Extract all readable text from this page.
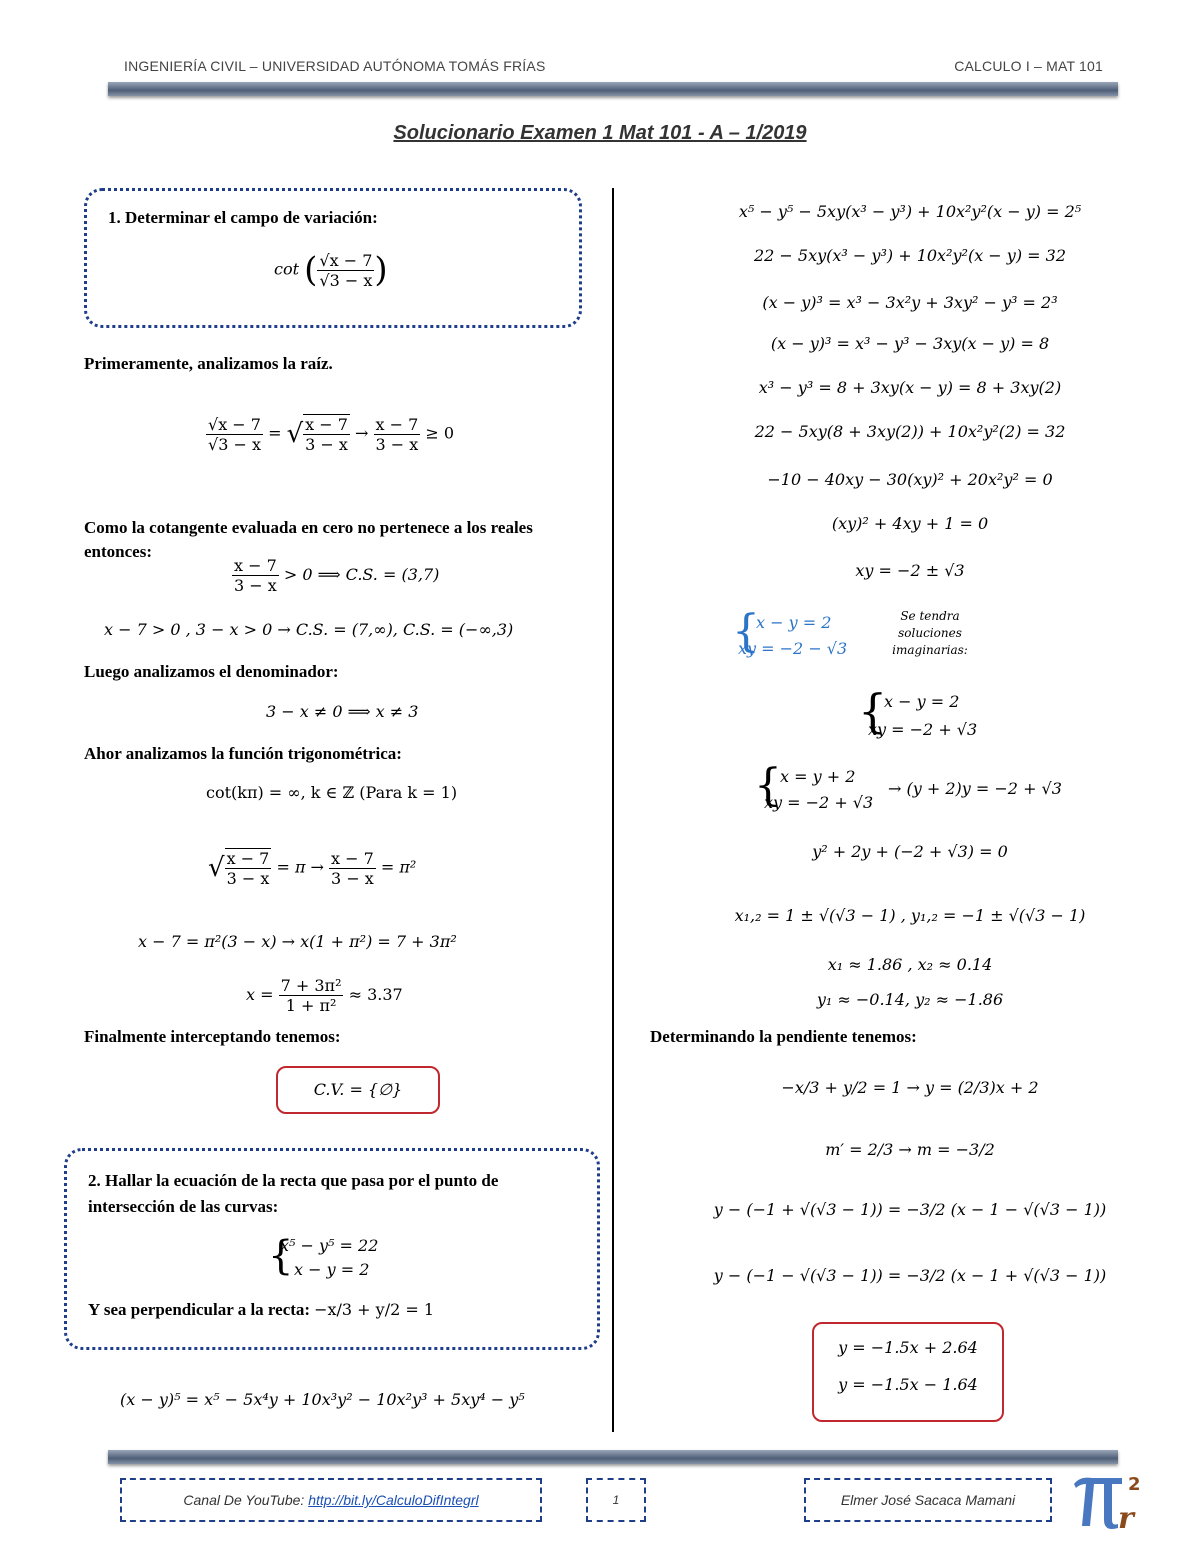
INGENIERÍA CIVIL – UNIVERSIDAD AUTÓNOMA TOMÁS FRÍAS	CALCULO I – MAT 101
Solucionario Examen 1 Mat 101 - A – 1/2019
1. Determinar el campo de variación:
cot ( $\frac{√x - 7}{√3 - x}$ )
Primeramente, analizamos la raíz.
$\frac{√x - 7}{√3 - x}$ = √ $\frac{x - 7}{3 - x} \to \frac{x - 7}{3 - x} \ge 0$
Como la cotangente evaluada en cero no pertenece a los reales entonces:
$\frac{x - 7}{3 - x} > 0$ ⟹ C.S. = (3,7)
x − 7 > 0 , 3 − x > 0 → C.S. = (7,∞), C.S. = (−∞,3)
Luego analizamos el denominador:
3 − x ≠ 0 ⟹ x ≠ 3
Ahor analizamos la función trigonométrica:
cot(kπ) = ∞, k ∈ ℤ (Para k = 1)
√ $\frac{x - 7}{3 - x} = \pi \to \frac{x - 7}{3 - x} = \pi^2$
x − 7 = π²(3 − x) → x(1 + π²) = 7 + 3π²
$x = \frac{\text{7 + 3π²}}{\text{1 + π²}} \approx 3.37$
Finalmente interceptando tenemos:
C.V. = {∅}
2. Hallar la ecuación de la recta que pasa por el punto de intersección de las curvas:
{
x⁵ − y⁵ = 22
x − y = 2
Y sea perpendicular a la recta: −x/3 + y/2 = 1
(x − y)⁵ = x⁵ − 5x⁴y + 10x³y² − 10x²y³ + 5xy⁴ − y⁵
x⁵ − y⁵ − 5xy(x³ − y³) + 10x²y²(x − y) = 2⁵
22 − 5xy(x³ − y³) + 10x²y²(x − y) = 32
(x − y)³ = x³ − 3x²y + 3xy² − y³ = 2³
(x − y)³ = x³ − y³ − 3xy(x − y) = 8
x³ − y³ = 8 + 3xy(x − y) = 8 + 3xy(2)
22 − 5xy(8 + 3xy(2)) + 10x²y²(2) = 32
−10 − 40xy − 30(xy)² + 20x²y² = 0
(xy)² + 4xy + 1 = 0
xy = −2 ± √3
{
x − y = 2
xy = −2 − √3
Se tendra
soluciones
imaginarias:
{
x − y = 2
xy = −2 + √3
{
x = y + 2
xy = −2 + √3
→ (y + 2)y = −2 + √3
y² + 2y + (−2 + √3) = 0
x₁,₂ = 1 ± √(√3 − 1) , y₁,₂ = −1 ± √(√3 − 1)
x₁ ≈ 1.86 , x₂ ≈ 0.14
y₁ ≈ −0.14, y₂ ≈ −1.86
Determinando la pendiente tenemos:
−x/3 + y/2 = 1 → y = (2/3)x + 2
m′ = 2/3 → m = −3/2
y − (−1 + √(√3 − 1)) = −3/2 (x − 1 − √(√3 − 1))
y − (−1 − √(√3 − 1)) = −3/2 (x − 1 + √(√3 − 1))
y = −1.5x + 2.64
y = −1.5x − 1.64
Canal De YouTube:
http://bit.ly/CalculoDifIntegrl	1	Elmer José Sacaca Mamani
r
2
